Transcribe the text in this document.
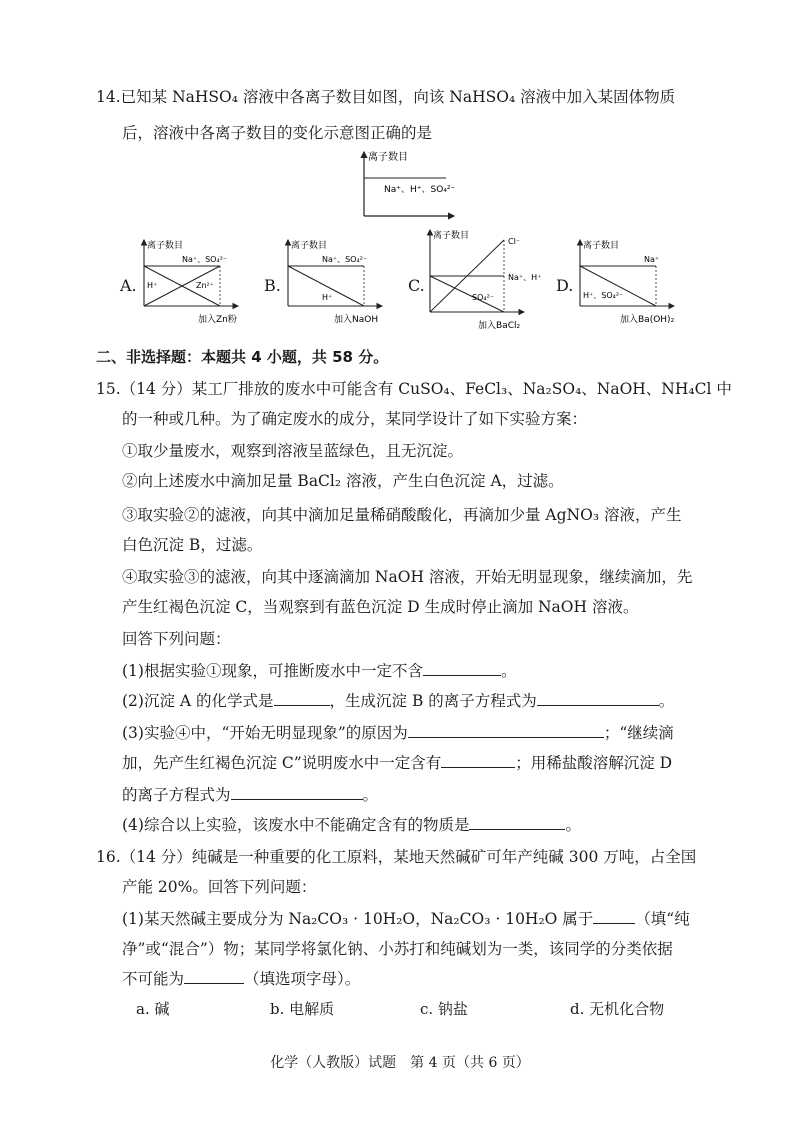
14.已知某 NaHSO₄ 溶液中各离子数目如图，向该 NaHSO₄ 溶液中加入某固体物质
后，溶液中各离子数目的变化示意图正确的是
离子数目
Na⁺、H⁺、SO₄²⁻
A.
离子数目
Na⁺、SO₄²⁻
H⁺	Zn²⁺
加入Zn粉
B.
离子数目
Na⁺、SO₄²⁻
H⁺
加入NaOH
C.
离子数目
Cl⁻
Na⁺、H⁺
SO₄²⁻
加入BaCl₂
D.
离子数目
Na⁺
H⁺、SO₄²⁻
加入Ba(OH)₂
二、非选择题：本题共 4 小题，共 58 分。
15.（14 分）某工厂排放的废水中可能含有 CuSO₄、FeCl₃、Na₂SO₄、NaOH、NH₄Cl 中
的一种或几种。为了确定废水的成分，某同学设计了如下实验方案：
①取少量废水，观察到溶液呈蓝绿色，且无沉淀。
②向上述废水中滴加足量 BaCl₂ 溶液，产生白色沉淀 A，过滤。
③取实验②的滤液，向其中滴加足量稀硝酸酸化，再滴加少量 AgNO₃ 溶液，产生
白色沉淀 B，过滤。
④取实验③的滤液，向其中逐滴滴加 NaOH 溶液，开始无明显现象，继续滴加，先
产生红褐色沉淀 C，当观察到有蓝色沉淀 D 生成时停止滴加 NaOH 溶液。
回答下列问题：
(1)根据实验①现象，可推断废水中一定不含	。
(2)沉淀 A 的化学式是	，生成沉淀 B 的离子方程式为	。
(3)实验④中，“开始无明显现象”的原因为	；“继续滴
加，先产生红褐色沉淀 C”说明废水中一定含有	；用稀盐酸溶解沉淀 D
的离子方程式为	。
(4)综合以上实验，该废水中不能确定含有的物质是	。
16.（14 分）纯碱是一种重要的化工原料，某地天然碱矿可年产纯碱 300 万吨，占全国
产能 20%。回答下列问题：
(1)某天然碱主要成分为 Na₂CO₃ · 10H₂O，Na₂CO₃ · 10H₂O 属于	（填“纯
净”或“混合”）物；某同学将氯化钠、小苏打和纯碱划为一类，该同学的分类依据
不可能为	（填选项字母）。
a. 碱	b. 电解质	c. 钠盐	d. 无机化合物
化学（人教版）试题　第 4 页（共 6 页）
